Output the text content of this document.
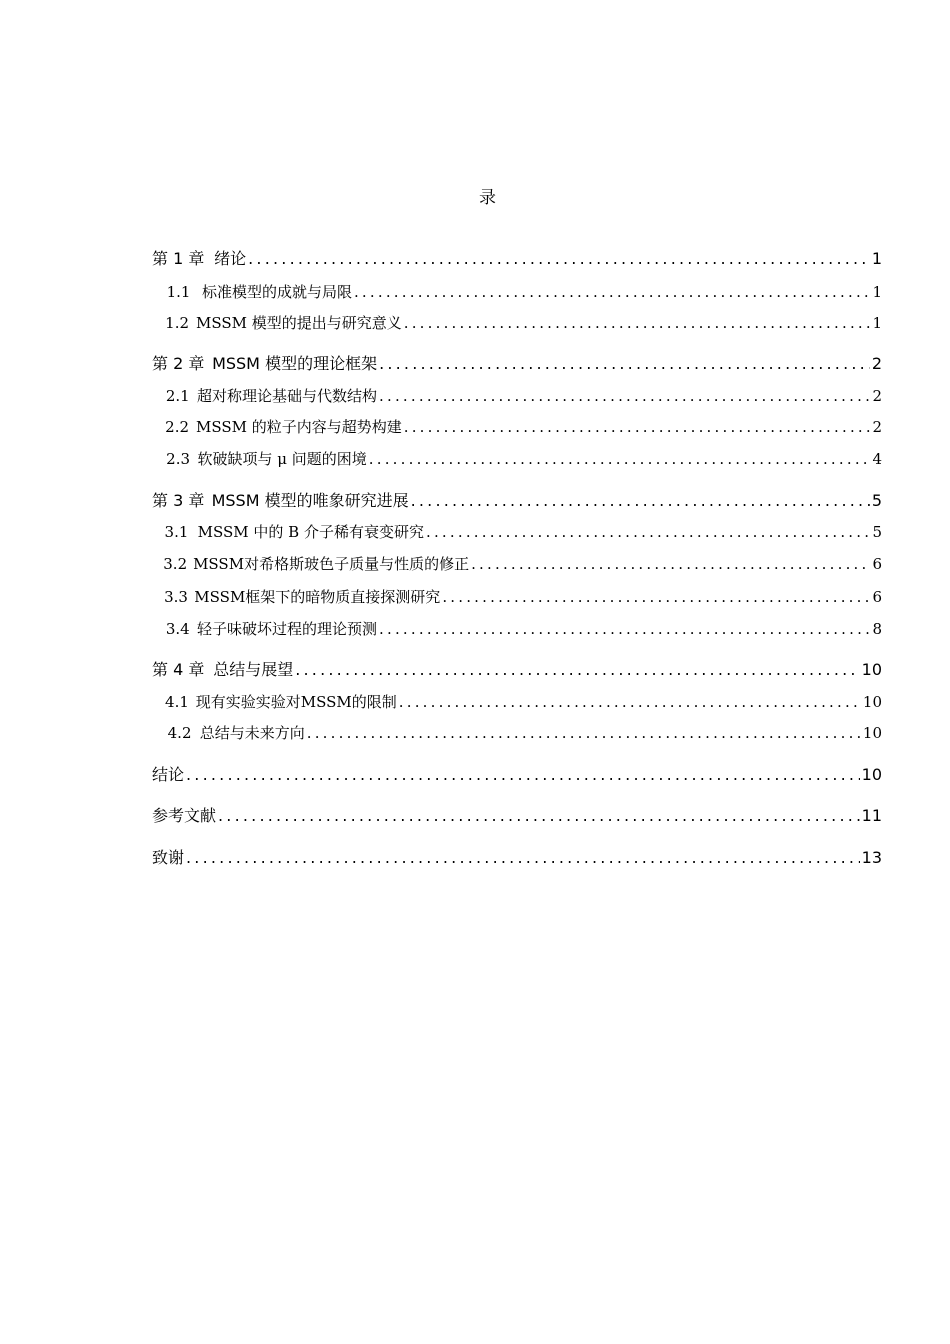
录
第 1 章 绪论 .....	1
1.1 标准模型的成就与局限 .....	1
1.2 MSSM 模型的提出与研究意义 .....	1
第 2 章 MSSM 模型的理论框架 .....	2
2.1 超对称理论基础与代数结构 .....	2
2.2 MSSM 的粒子内容与超势构建 .....	2
2.3 软破缺项与 μ 问题的困境 .....	4
第 3 章 MSSM 模型的唯象研究进展 .....	5
3.1 MSSM 中的 B 介子稀有衰变研究 .....	5
3.2 MSSM对希格斯玻色子质量与性质的修正 .....	6
3.3 MSSM框架下的暗物质直接探测研究 .....	6
3.4 轻子味破坏过程的理论预测 .....	8
第 4 章 总结与展望 .....	10
4.1 现有实验实验对MSSM的限制 .....	10
4.2 总结与未来方向 .....	10
结论 .....	10
参考文献 .....	11
致谢 .....	13
